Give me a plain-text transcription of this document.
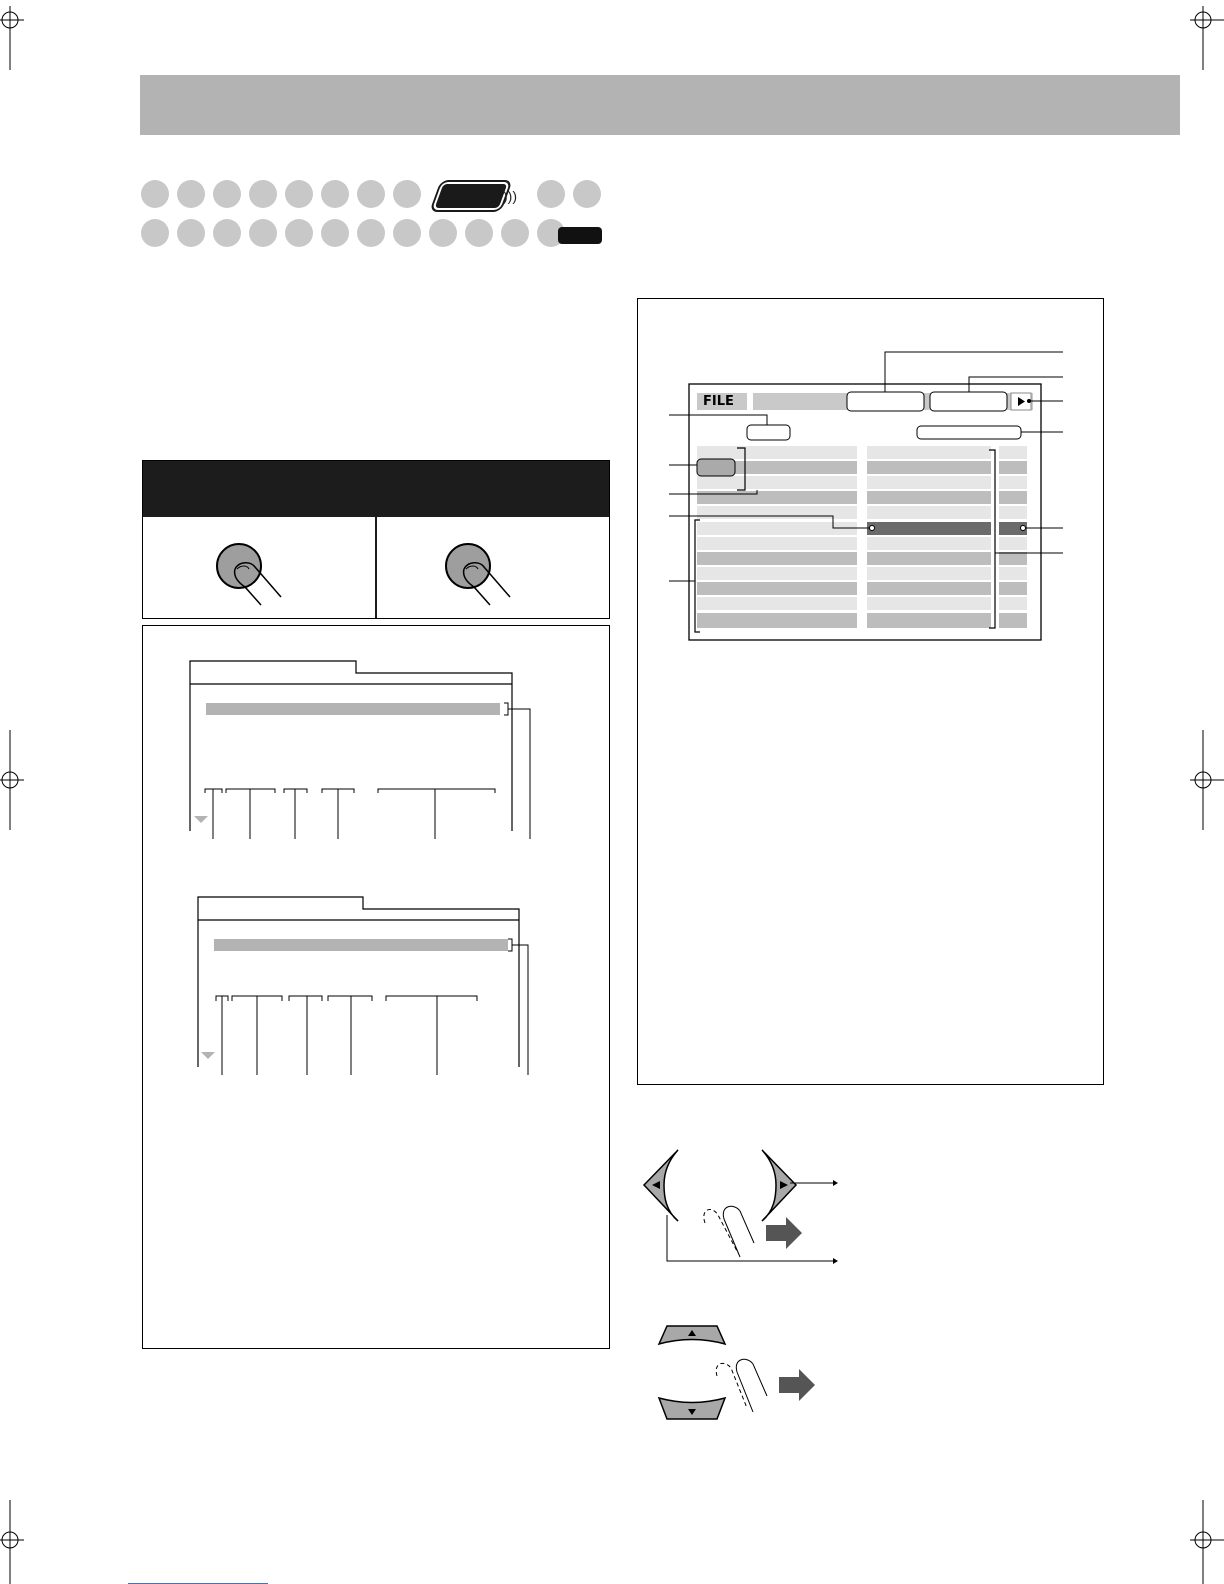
)))
FILE
